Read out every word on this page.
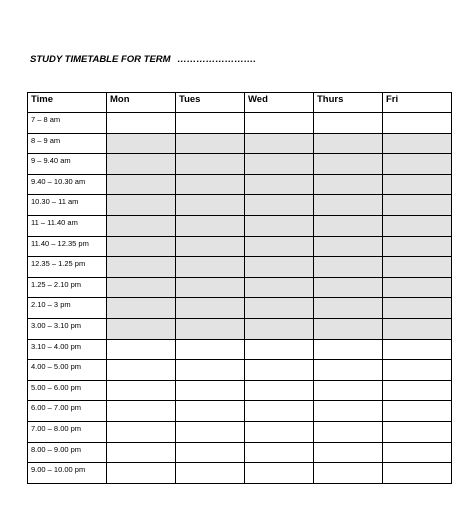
STUDY TIMETABLE FOR TERM …………………….
Time	Mon	Tues	Wed	Thurs	Fri
7 – 8 am					
8 – 9 am					
9 – 9.40 am					
9.40 – 10.30 am					
10.30 – 11 am					
11 – 11.40 am					
11.40 – 12.35 pm					
12.35 – 1.25 pm					
1.25 – 2.10 pm					
2.10 – 3 pm					
3.00 – 3.10 pm					
3.10 – 4.00 pm					
4.00 – 5.00 pm					
5.00 – 6.00 pm					
6.00 – 7.00 pm					
7.00 – 8.00 pm					
8.00 – 9.00 pm					
9.00 – 10.00 pm					
